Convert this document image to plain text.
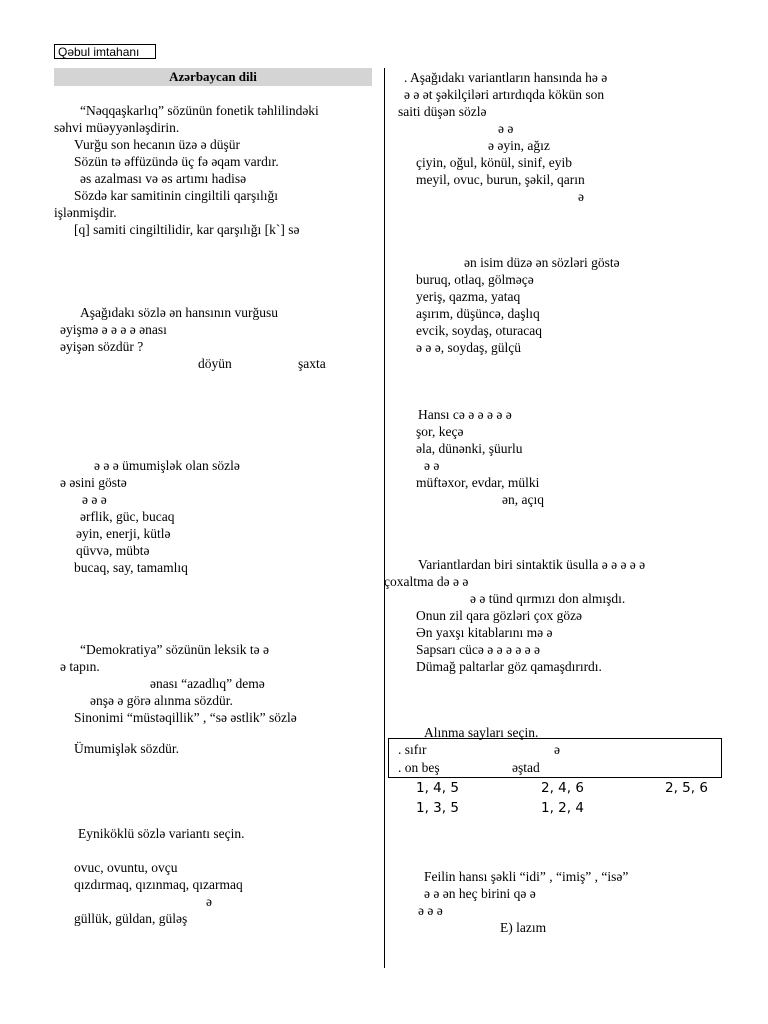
Qəbul imtahanı
Azərbaycan dili
“Nəqqaşkarlıq” sözünün fonetik təhlilindəki
səhvi müəyyənləşdirin.
Vurğu son hecanın üzə ə düşür
Sözün tə əffüzündə üç fə əqam vardır.
əs azalması və əs artımı hadisə
Sözdə kar samitinin cingiltili qarşılığı
işlənmişdir.
[q] samiti cingiltilidir, kar qarşılığı [k`] sə
Aşağıdakı sözlə ən hansının vurğusu
əyişmə ə ə ə ə ənası
əyişən sözdür ?
döyün	şaxta
ə ə ə ümumişlək olan sözlə
ə əsini göstə
ə ə ə
ərflik, güc, bucaq
əyin, enerji, kütlə
qüvvə, mübtə
bucaq, say, tamamlıq
“Demokratiya” sözünün leksik tə ə
ə tapın.
ənası “azadlıq” demə
ənşə ə görə alınma sözdür.
Sinonimi “müstəqillik” , “sə əstlik” sözlə
Ümumişlək sözdür.
Eyniköklü sözlə variantı seçin.
ovuc, ovuntu, ovçu
qızdırmaq, qızınmaq, qızarmaq
ə
güllük, güldan, güləş
. Aşağıdakı variantların hansında hə ə
ə ə ət şəkilçiləri artırdıqda kökün son
saiti düşən sözlə
ə ə
ə əyin, ağız
çiyin, oğul, könül, sinif, eyib
meyil, ovuc, burun, şəkil, qarın
ə
ən isim düzə ən sözləri göstə
buruq, otlaq, gölməçə
yeriş, qazma, yataq
aşırım, düşüncə, daşlıq
evcik, soydaş, oturacaq
ə ə ə, soydaş, gülçü
Hansı cə ə ə ə ə ə
şor, keçə
əla, dünənki, şüurlu
ə ə
müftəxor, evdar, mülki
ən, açıq
Variantlardan biri sintaktik üsulla ə ə ə ə ə
çoxaltma də ə ə
ə ə tünd qırmızı don almışdı.
Onun zil qara gözləri çox gözə
Ən yaxşı kitablarını mə ə
Sapsarı cücə ə ə ə ə ə ə
Dümağ paltarlar göz qamaşdırırdı.
Alınma sayları seçin.
. sıfır	ə
. on beş	əştad
1, 4, 5	2, 4, 6	2, 5, 6
1, 3, 5	1, 2, 4
Feilin hansı şəkli “idi” , “imiş” , “isə”
ə ə ən heç birini qə ə
ə ə ə
E) lazım
